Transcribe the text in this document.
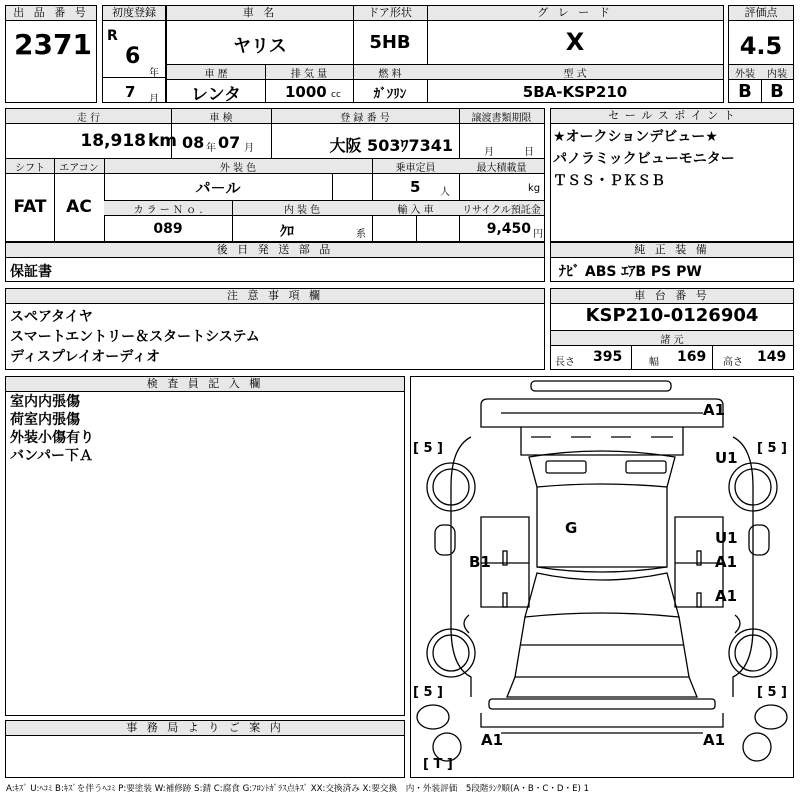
出 品 番 号
2371
初度登録
R
6
年
7 月
車 名	ドア形状	グ レ ー ド
ヤリス	5HB	X
車 歴	排 気 量	燃 料	型 式
レンタ	1000 cc	ｶﾞｿﾘﾝ	5BA-KSP210
評価点
4.5
外装	内装
B	B
走 行	車 検	登 録 番 号	譲渡書類期限
18,918 km 08 年 07 月	大阪 503ﾜ7341	月	日
シフト	エアコン	外 装 色	乗車定員	最大積載量
FAT	AC
パ－ル	5 人	kg
カ ラ ー Ｎ ｏ .	内 装 色	輸 入 車	リサイクル預託金
089	ｸﾛ	系	9,450 円
後 日 発 送 部 品
保証書
セ ー ル ス ポ イ ン ト
★オークションデビュー★
パノラミックビューモニター
ＴＳＳ・ＰＫＳＢ
純 正 装 備
ﾅﾋﾞ ABS ｴｱB PS PW
注 意 事 項 欄
スペアタイヤ
スマートエントリー＆スタートシステム
ディスプレイオーディオ
車 台 番 号
KSP210-0126904
諸 元
長さ 395	幅 169 高さ 149
検 査 員 記 入 欄
室内内張傷
荷室内張傷
外装小傷有り
バンパー下Ａ
事 務 局 よ り ご 案 内
[ 5 ]	[ 5 ]
[ 5 ]	[ 5 ]
[ T ]
A1
U1
G
B1
U1
A1
A1
A1	A1
A:ｷｽﾞ U:ﾍｺﾐ B:ｷｽﾞを伴うﾍｺﾐ P:要塗装 W:補修跡 S:錆 C:腐食 G:ﾌﾛﾝﾄｶﾞﾗｽ点ｷｽﾞ XX:交換済み X:要交換　内・外装評価　5段階ﾗﾝｸ順(A・B・C・D・E) 1
